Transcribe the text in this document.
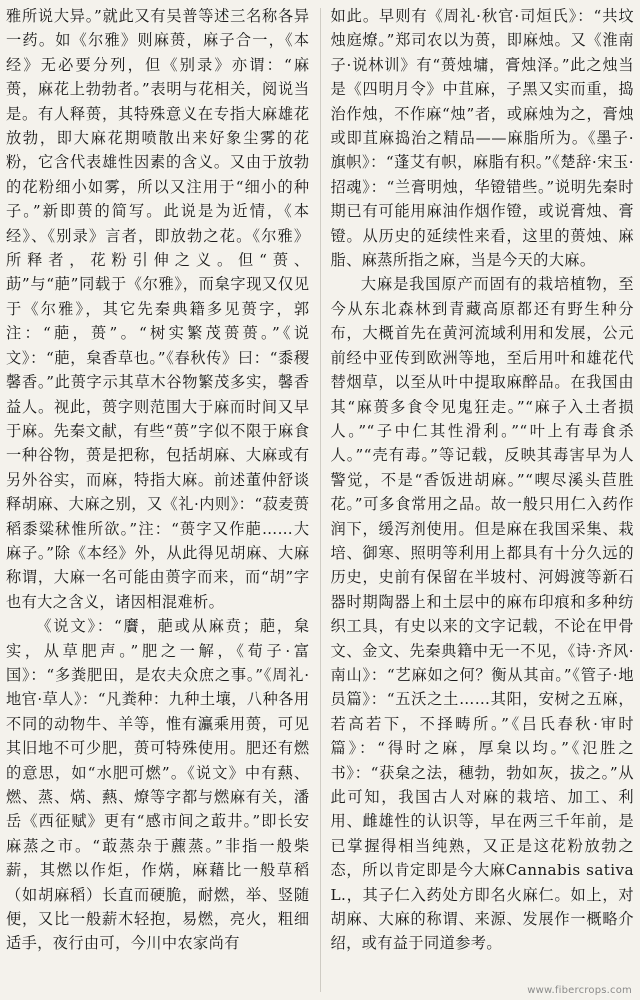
雅所说大异。”就此又有吴普等述三名称各异一药。如《尔雅》则麻蒉，麻子合一，《本经》无必要分列，但《别录》亦谓：“麻蒉，麻花上勃勃者。”表明与花相关，阅说当是。有人释蒉，其特殊意义在专指大麻雄花放勃，即大麻花期喷散出来好象尘雾的花粉，它含代表雄性因素的含义。又由于放勃的花粉细小如雾，所以又注用于“细小的种子。”新即蒉的简写。此说是为近情，《本经》、《别录》言者，即放勃之花。《尔雅》所释者，花粉引伸之义。但“蒉、莇”与“萉”同载于《尔雅》，而枲字现又仅见于《尔雅》，其它先秦典籍多见蒉字，郭注：“萉，蒉”。“树实繁茂蒉蒉。”《说文》：“萉，枲香草也。”《春秋传》曰：“黍稷馨香。”此蒉字示其草木谷物繁茂多实，馨香益人。视此，蒉字则范围大于麻而时间又早于麻。先秦文献，有些“蒉”字似不限于麻食一种谷物，蒉是把称，包括胡麻、大麻或有另外谷实，而麻，特指大麻。前述董仲舒谈释胡麻、大麻之别，又《礼·内则》：“菽麦蒉稻黍粱秫惟所欲。”注：“蒉字又作萉……大麻子。”除《本经》外，从此得见胡麻、大麻称谓，大麻一名可能由蒉字而来，而“胡”字也有大之含义，诸因相混难析。

《说文》：“黂，萉或从麻贲；萉，枲实，从草肥声。”肥之一解，《荀子·富国》：“多粪肥田，是农夫众庶之事。”《周礼·地官·草人》：“凡粪种：九种土壤，八种各用不同的动物牛、羊等，惟有灜乘用蒉，可见其旧地不可少肥，蒉可特殊使用。肥还有燃的意思，如“水肥可燃”。《说文》中有爇、燃、蒸、焫、爇、燎等字都与燃麻有关，潘岳《西征赋》更有“感市间之菆井。”即长安麻蒸之市。“菆蒸杂于藨蒸。”非指一般柴薪，其燃以作炬，作焫，麻藉比一般草稻（如胡麻稻）长直而硬脆，耐燃，举、竖随便，又比一般薪木轻抱，易燃，亮火，粗细适手，夜行由可，今川中农家尚有

如此。早则有《周礼·秋官·司烜氏》：“共坟烛庭燎。”郑司农以为蒉，即麻烛。又《淮南子·说林训》有“蒉烛墉，膏烛泽。”此之烛当是《四明月令》中苴麻，子黑又实而重，捣治作烛，不作麻“烛”者，或麻烛为之，膏烛或即苴麻捣治之精品——麻脂所为。《墨子·旗帜》：“蓬艾有帜，麻脂有积。”《楚辞·宋玉·招魂》：“兰膏明烛，华镫错些。”说明先秦时期已有可能用麻油作烟作镫，或说膏烛、膏镫。从历史的延续性来看，这里的蒉烛、麻脂、麻蒸所指之麻，当是今天的大麻。

大麻是我国原产而固有的栽培植物，至今从东北森林到青藏高原都还有野生种分布，大概首先在黄河流域利用和发展，公元前经中亚传到欧洲等地，至后用叶和雄花代替烟草，以至从叶中提取麻醉品。在我国由其“麻蒉多食令见鬼狂走。”“麻子入土者损人。”“子中仁其性滑利。”“叶上有毒食杀人。”“壳有毒。”等记载，反映其毒害早为人警觉，不是“香饭进胡麻。”“喫尽溪头苣胜花。”可多食常用之品。故一般只用仁入药作润下，缓泻剂使用。但是麻在我国采集、栽培、御寒、照明等利用上都具有十分久远的历史，史前有保留在半坡村、河姆渡等新石器时期陶器上和土层中的麻布印痕和多种纺织工具，有史以来的文字记载，不论在甲骨文、金文、先秦典籍中无一不见，《诗·齐风·南山》：“艺麻如之何？衡从其亩。”《管子·地员篇》：“五沃之土……其阳，安树之五麻，若高若下，不择畴所。”《吕氏春秋·审时篇》：“得时之麻，厚枲以均。”《氾胜之书》：“获枲之法，穗勃，勃如灰，拔之。”从此可知，我国古人对麻的栽培、加工、利用、雌雄性的认识等，早在两三千年前，是已掌握得相当纯熟，又正是这花粉放勃之态，所以肯定即是今大麻Cannabis sativa L.，其子仁入药处方即名火麻仁。如上，对胡麻、大麻的称谓、来源、发展作一概略介绍，或有益于同道参考。

www.fibercrops.com
